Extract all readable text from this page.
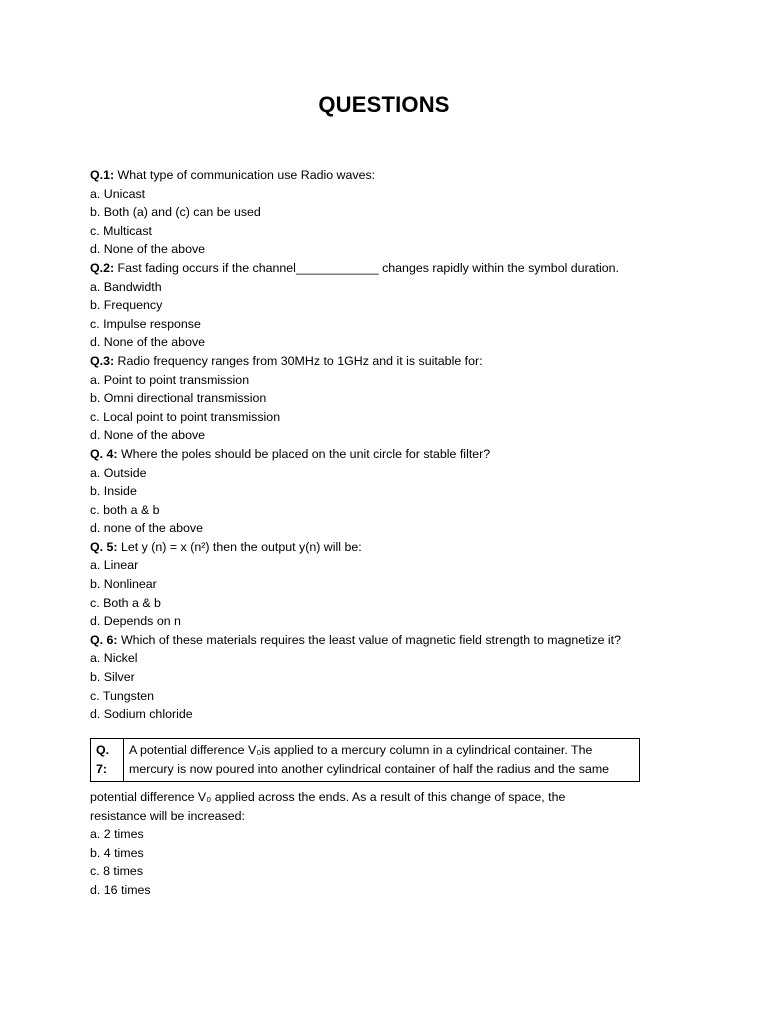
QUESTIONS
Q.1: What type of communication use Radio waves:
a. Unicast
b. Both (a) and (c) can be used
c. Multicast
d. None of the above
Q.2: Fast fading occurs if the channel____________ changes rapidly within the symbol duration.
a. Bandwidth
b. Frequency
c. Impulse response
d. None of the above
Q.3: Radio frequency ranges from 30MHz to 1GHz and it is suitable for:
a. Point to point transmission
b. Omni directional transmission
c. Local point to point transmission
d. None of the above
Q. 4: Where the poles should be placed on the unit circle for stable filter?
a. Outside
b. Inside
c. both a & b
d. none of the above
Q. 5: Let y (n) = x (n²) then the output y(n) will be:
a. Linear
b. Nonlinear
c. Both a & b
d. Depends on n
Q. 6: Which of these materials requires the least value of magnetic field strength to magnetize it?
a. Nickel
b. Silver
c. Tungsten
d. Sodium chloride
Q.
7:

A potential difference V₀is applied to a mercury column in a cylindrical container. The
mercury is now poured into another cylindrical container of half the radius and the same
potential difference V₀ applied across the ends. As a result of this change of space, the
resistance will be increased:
a. 2 times
b. 4 times
c. 8 times
d. 16 times
